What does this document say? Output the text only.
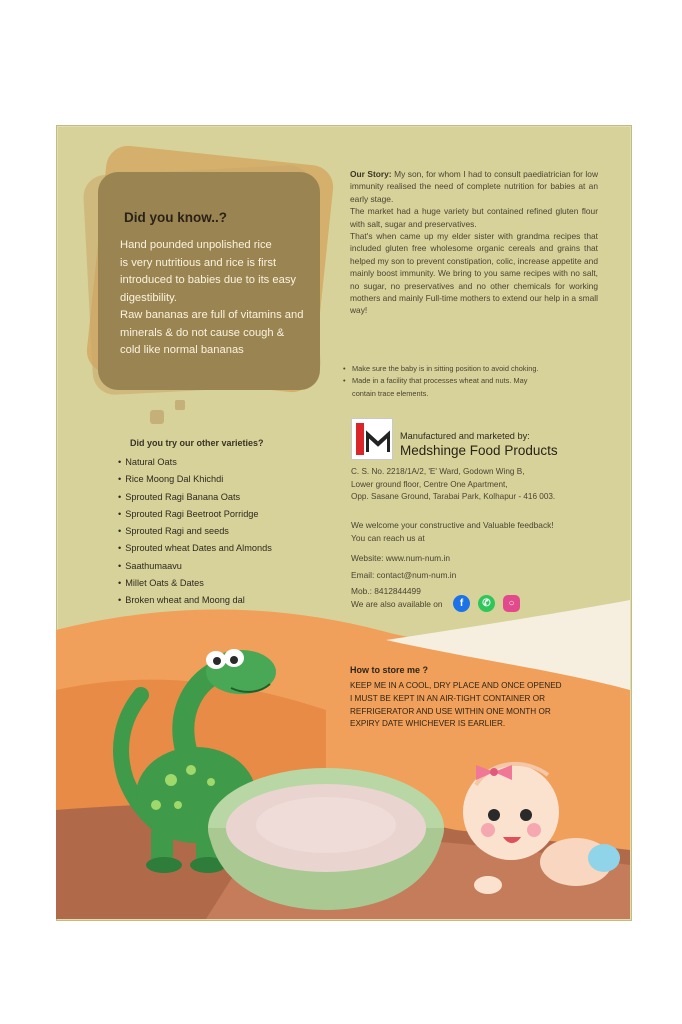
Did you know..?

Hand pounded unpolished rice

is very nutritious and rice is first

introduced to babies due to its easy

digestibility.

Raw bananas are full of vitamins and

minerals & do not cause cough &

cold like normal bananas

Did you try our other varieties?
• Natural Oats
• Rice Moong Dal Khichdi
• Sprouted Ragi Banana Oats
• Sprouted Ragi Beetroot Porridge
• Sprouted Ragi and seeds
• Sprouted wheat Dates and Almonds
• Saathumaavu
• Millet Oats & Dates
• Broken wheat and Moong dal

Our Story: My son, for whom I had to consult paediatrician for low immunity realised the need of complete nutrition for babies at an early stage.

The market had a huge variety but contained refined gluten flour with salt, sugar and preservatives.

That's when came up my elder sister with grandma recipes that included gluten free wholesome organic cereals and grains that helped my son to prevent constipation, colic, increase appetite and mainly boost immunity. We bring to you same recipes with no salt, no sugar, no preservatives and no other chemicals for working mothers and mainly Full-time mothers to extend our help in a small way!

• Make sure the baby is in sitting position to avoid choking.
• Made in a facility that processes wheat and nuts. May contain trace elements.
Manufactured and marketed by:
Medshinge Food Products

C. S. No. 2218/1A/2, 'E' Ward, Godown Wing B,

Lower ground floor, Centre One Apartment,

Opp. Sasane Ground, Tarabai Park, Kolhapur - 416 003.

We welcome your constructive and Valuable feedback!

You can reach us at

Website: www.num-num.in

Email: contact@num-num.in

Mob.: 8412844499

We are also available on	f	✆	○
How to store me ?

KEEP ME IN A COOL, DRY PLACE AND ONCE OPENED

I MUST BE KEPT IN AN AIR-TIGHT CONTAINER OR

REFRIGERATOR AND USE WITHIN ONE MONTH OR

EXPIRY DATE WHICHEVER IS EARLIER.
